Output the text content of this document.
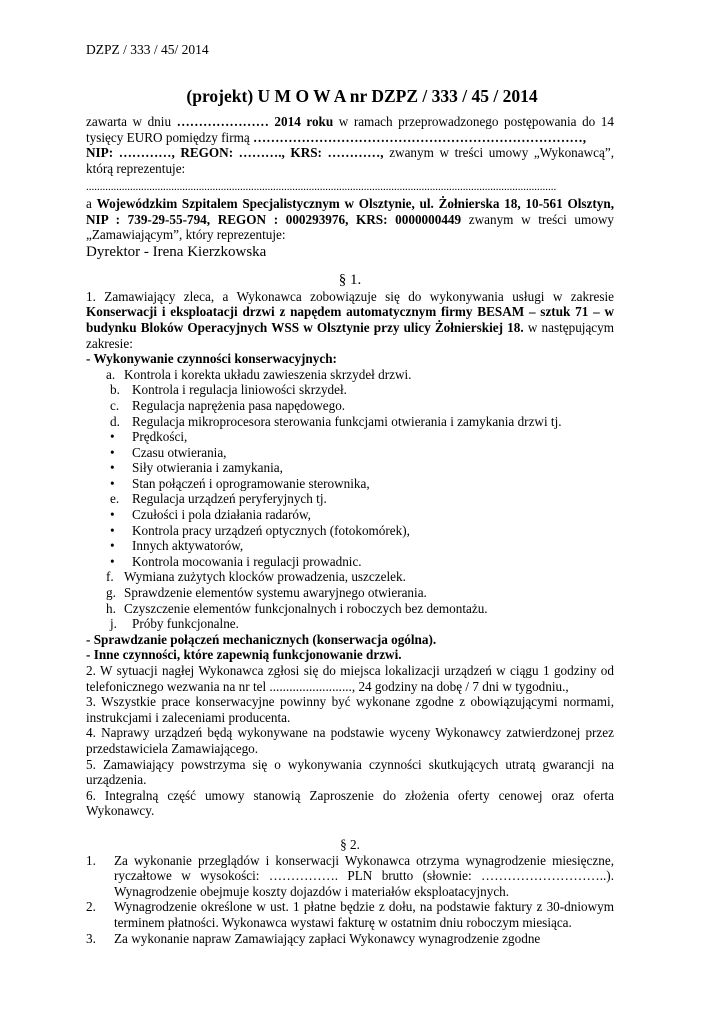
DZPZ / 333 / 45/ 2014
(projekt) U M O W A nr DZPZ / 333 / 45 / 2014
zawarta w dniu ………………… 2014 roku w ramach przeprowadzonego postępowania do 14 tysięcy EURO pomiędzy firmą …………………………………………………………………,
NIP: …………, REGON: ………., KRS: …………, zwanym w treści umowy „Wykonawcą”, którą reprezentuje:
...........................................................................................................................................................................
a Wojewódzkim Szpitalem Specjalistycznym w Olsztynie, ul. Żołnierska 18, 10-561 Olsztyn, NIP : 739-29-55-794, REGON : 000293976, KRS: 0000000449 zwanym w treści umowy „Zamawiającym”, który reprezentuje:
Dyrektor - Irena Kierzkowska
§ 1.
1. Zamawiający zleca, a Wykonawca zobowiązuje się do wykonywania usługi w zakresie Konserwacji i eksploatacji drzwi z napędem automatycznym firmy BESAM – sztuk 71 – w budynku Bloków Operacyjnych WSS w Olsztynie przy ulicy Żołnierskiej 18. w następującym zakresie:
- Wykonywanie czynności konserwacyjnych:
a. Kontrola i korekta układu zawieszenia skrzydeł drzwi.
b. Kontrola i regulacja liniowości skrzydeł.
c. Regulacja naprężenia pasa napędowego.
d. Regulacja mikroprocesora sterowania funkcjami otwierania i zamykania drzwi tj.
•	Prędkości,
•	Czasu otwierania,
•	Siły otwierania i zamykania,
•	Stan połączeń i oprogramowanie sterownika,
e. Regulacja urządzeń peryferyjnych tj.
•	Czułości i pola działania radarów,
•	Kontrola pracy urządzeń optycznych (fotokomórek),
•	Innych aktywatorów,
•	Kontrola mocowania i regulacji prowadnic.
f. Wymiana zużytych klocków prowadzenia, uszczelek.
g. Sprawdzenie elementów systemu awaryjnego otwierania.
h. Czyszczenie elementów funkcjonalnych i roboczych bez demontażu.
j.	Próby funkcjonalne.
- Sprawdzanie połączeń mechanicznych (konserwacja ogólna).
- Inne czynności, które zapewnią funkcjonowanie drzwi.
2. W sytuacji nagłej Wykonawca zgłosi się do miejsca lokalizacji urządzeń w ciągu 1 godziny od telefonicznego wezwania na nr tel ........................., 24 godziny na dobę / 7 dni w tygodniu.,
3. Wszystkie prace konserwacyjne powinny być wykonane zgodne z obowiązującymi normami, instrukcjami i zaleceniami producenta.
4. Naprawy urządzeń będą wykonywane na podstawie wyceny Wykonawcy zatwierdzonej przez przedstawiciela Zamawiającego.
5. Zamawiający powstrzyma się o wykonywania czynności skutkujących utratą gwarancji na urządzenia.
6. Integralną część umowy stanowią Zaproszenie do złożenia oferty cenowej oraz oferta Wykonawcy.
§ 2.
1.	Za wykonanie przeglądów i konserwacji Wykonawca otrzyma wynagrodzenie miesięczne, ryczałtowe w wysokości: ……………. PLN brutto (słownie: ………………………..). Wynagrodzenie obejmuje koszty dojazdów i materiałów eksploatacyjnych.
2.	Wynagrodzenie określone w ust. 1 płatne będzie z dołu, na podstawie faktury z 30-dniowym terminem płatności. Wykonawca wystawi fakturę w ostatnim dniu roboczym miesiąca.
3.	Za wykonanie napraw Zamawiający zapłaci Wykonawcy wynagrodzenie zgodne
